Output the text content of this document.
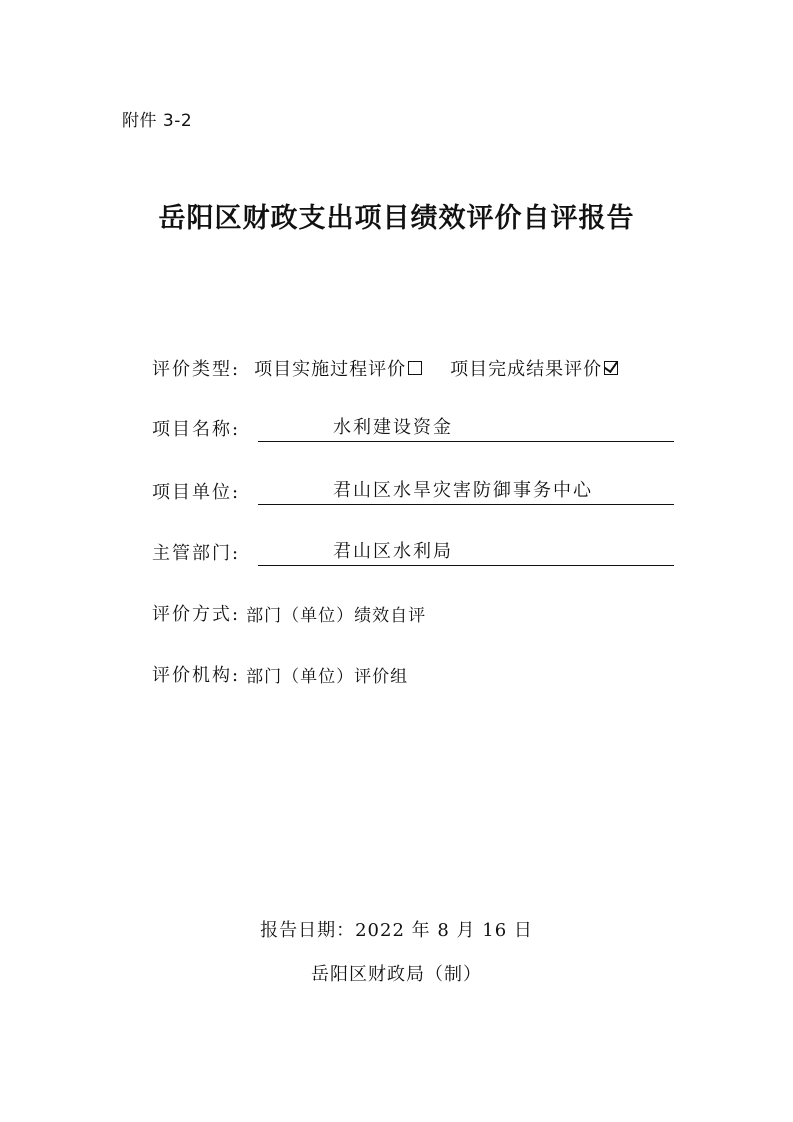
附件 3-2
岳阳区财政支出项目绩效评价自评报告
评价类型: 项目实施过程评价 项目完成结果评价
项目名称:	水利建设资金
项目单位:	君山区水旱灾害防御事务中心
主管部门:	君山区水利局
评价方式: 部门（单位）绩效自评
评价机构: 部门（单位）评价组
报告日期：2022 年 8 月 16 日
岳阳区财政局（制）
